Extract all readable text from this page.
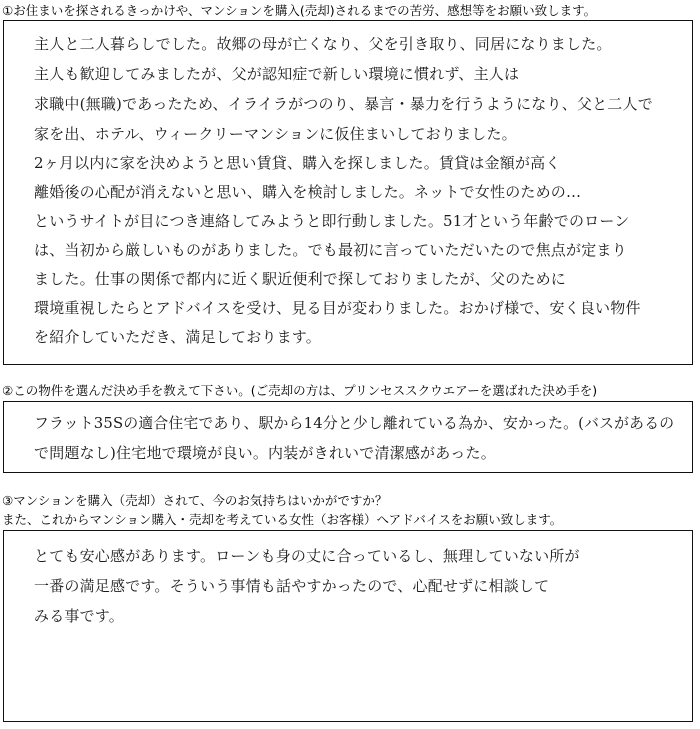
①お住まいを探されるきっかけや、マンションを購入(売却)されるまでの苦労、感想等をお願い致します。
主人と二人暮らしでした。故郷の母が亡くなり、父を引き取り、同居になりました。
主人も歓迎してみましたが、父が認知症で新しい環境に慣れず、主人は
求職中(無職)であったため、イライラがつのり、暴言・暴力を行うようになり、父と二人で
家を出、ホテル、ウィークリーマンションに仮住まいしておりました。
2ヶ月以内に家を決めようと思い賃貸、購入を探しました。賃貸は金額が高く
離婚後の心配が消えないと思い、購入を検討しました。ネットで女性のための…
というサイトが目につき連絡してみようと即行動しました。51才という年齢でのローン
は、当初から厳しいものがありました。でも最初に言っていただいたので焦点が定まり
ました。仕事の関係で都内に近く駅近便利で探しておりましたが、父のために
環境重視したらとアドバイスを受け、見る目が変わりました。おかげ様で、安く良い物件
を紹介していただき、満足しております。
②この物件を選んだ決め手を教えて下さい。(ご売却の方は、プリンセススクウエアーを選ばれた決め手を)
フラット35Sの適合住宅であり、駅から14分と少し離れている為か、安かった。(バスがあるの
で問題なし)住宅地で環境が良い。内装がきれいで清潔感があった。
③マンションを購入（売却）されて、今のお気持ちはいかがですか？
また、これからマンション購入・売却を考えている女性（お客様）へアドバイスをお願い致します。
とても安心感があります。ローンも身の丈に合っているし、無理していない所が
一番の満足感です。そういう事情も話やすかったので、心配せずに相談して
みる事です。
